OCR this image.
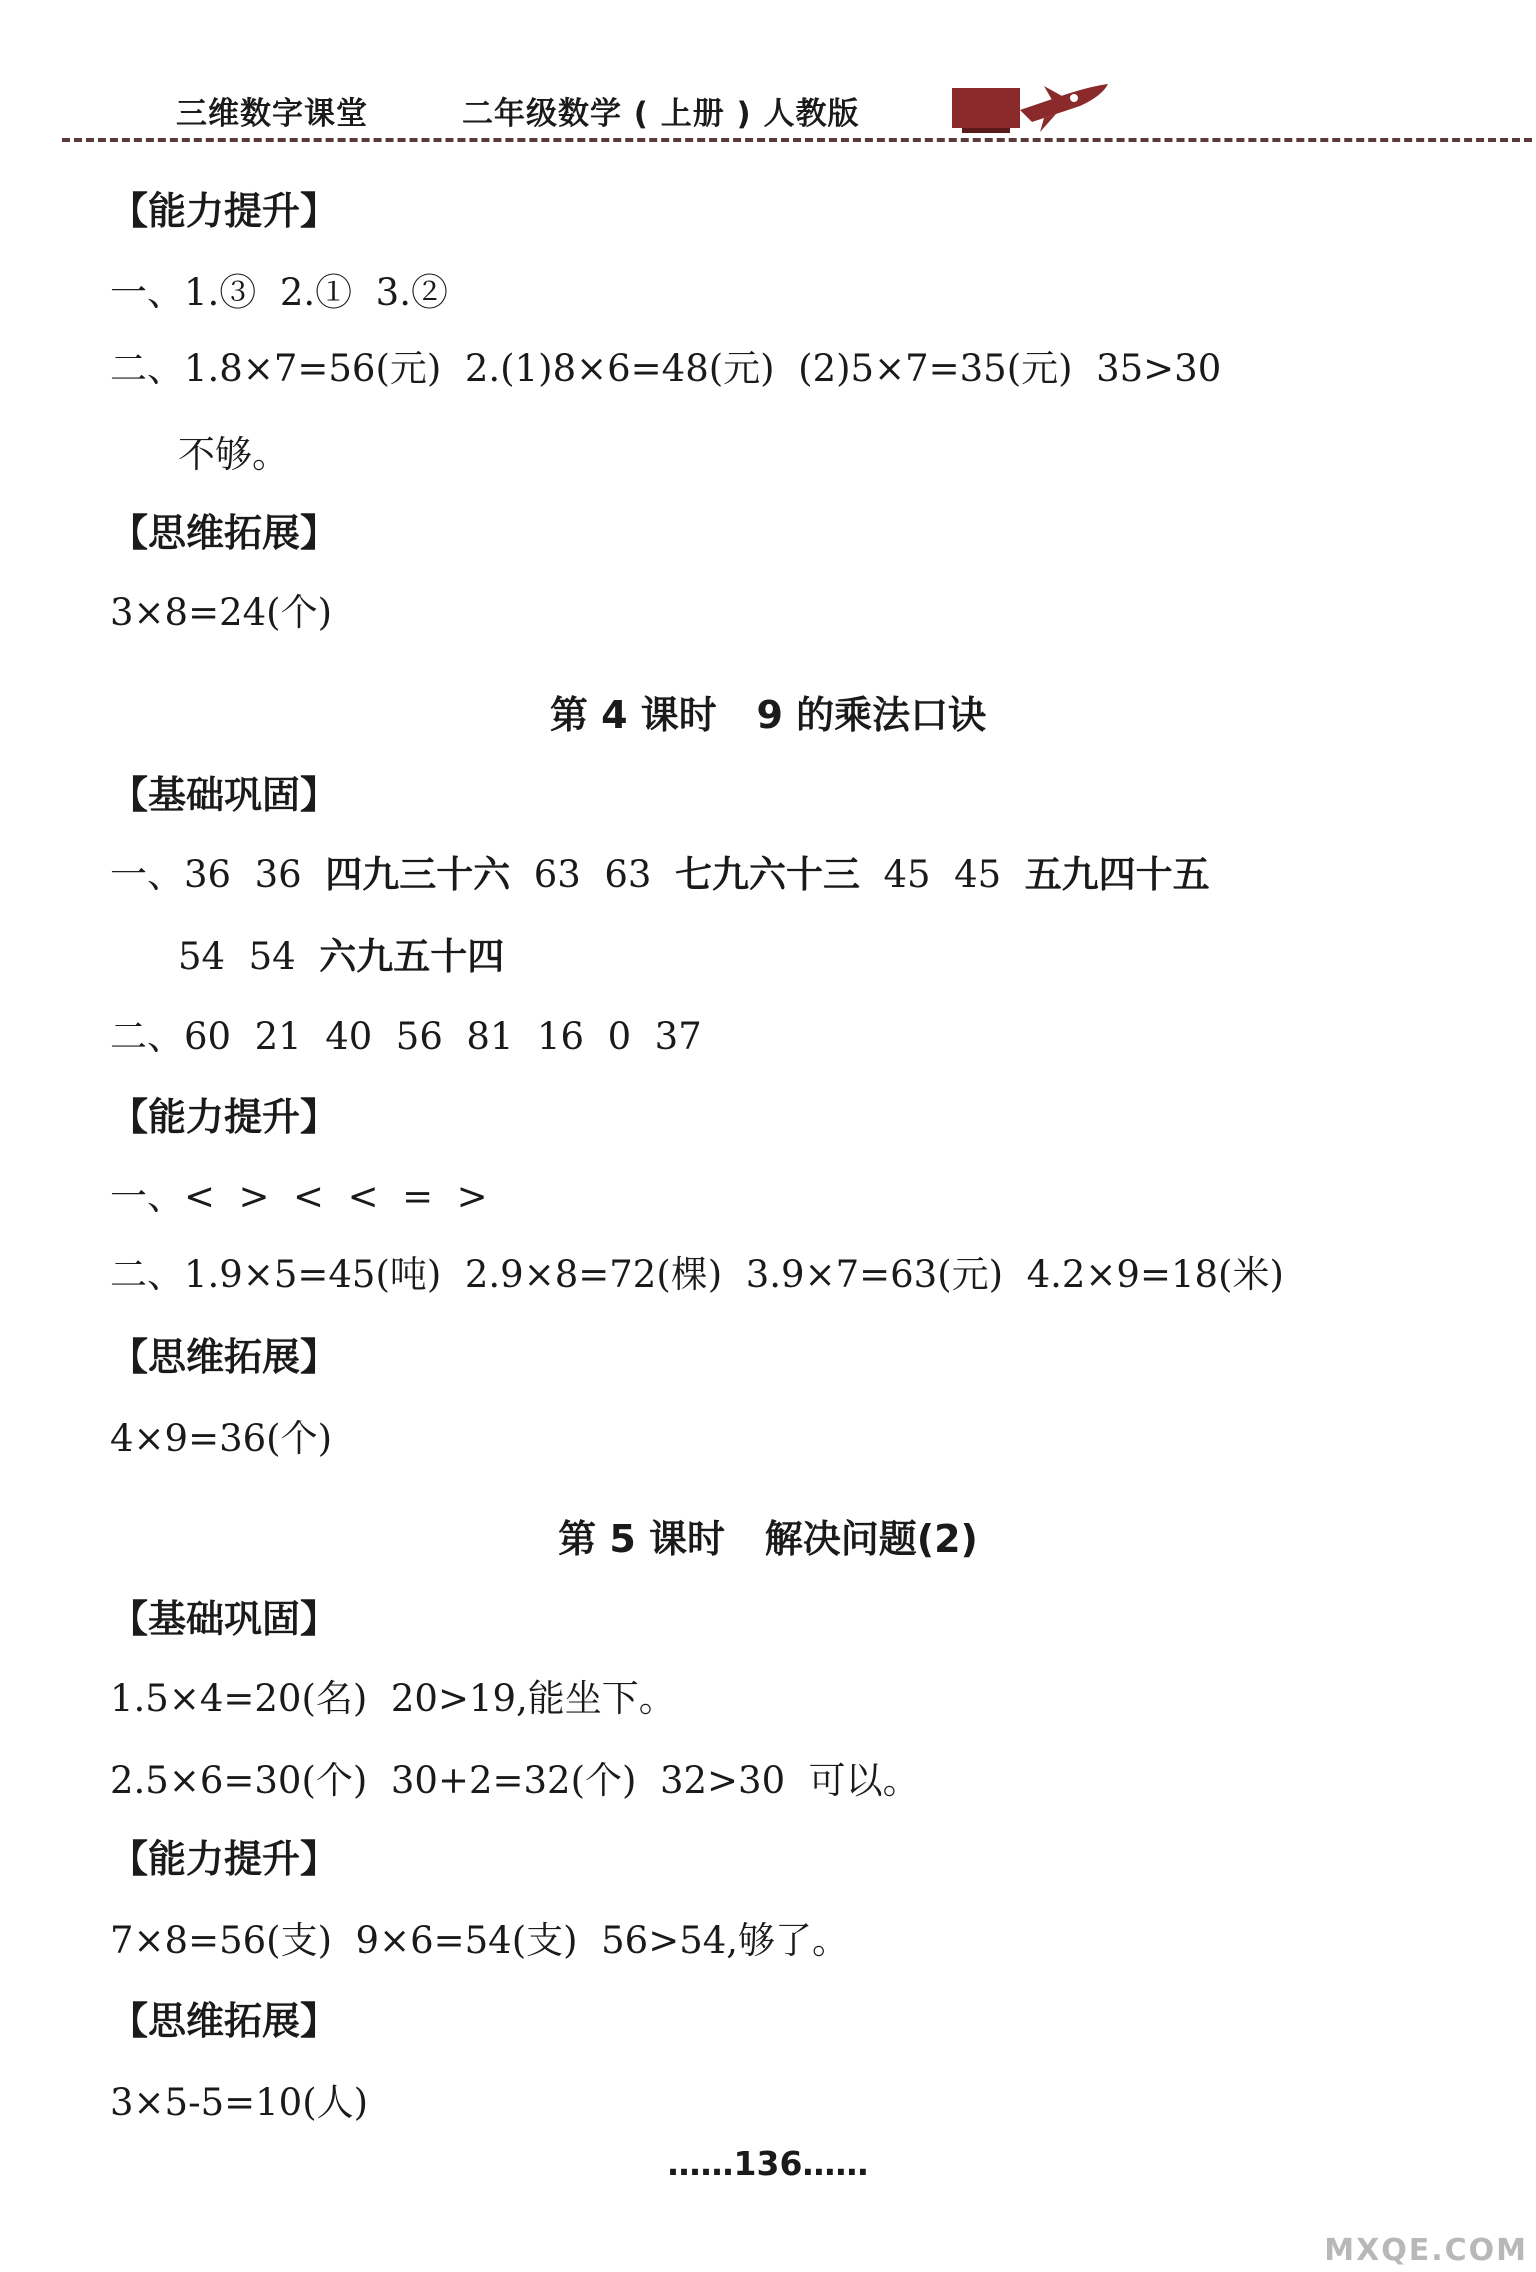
三维数字课堂	二年级数学 ( 上册 ) 人教版
【能力提升】
一、1.③  2.①  3.②
二、1.8×7=56(元)  2.(1)8×6=48(元)  (2)5×7=35(元)  35>30
不够。
【思维拓展】
3×8=24(个)
第 4 课时   9 的乘法口诀
【基础巩固】
一、36  36  四九三十六  63  63  七九六十三  45  45  五九四十五
54  54  六九五十四
二、60  21  40  56  81  16  0  37
【能力提升】
一、<  >  <  <  =  >
二、1.9×5=45(吨)  2.9×8=72(棵)  3.9×7=63(元)  4.2×9=18(米)
【思维拓展】
4×9=36(个)
第 5 课时   解决问题(2)
【基础巩固】
1.5×4=20(名)  20>19,能坐下。
2.5×6=30(个)  30+2=32(个)  32>30  可以。
【能力提升】
7×8=56(支)  9×6=54(支)  56>54,够了。
【思维拓展】
3×5-5=10(人)
……136……
MXQE.COM
